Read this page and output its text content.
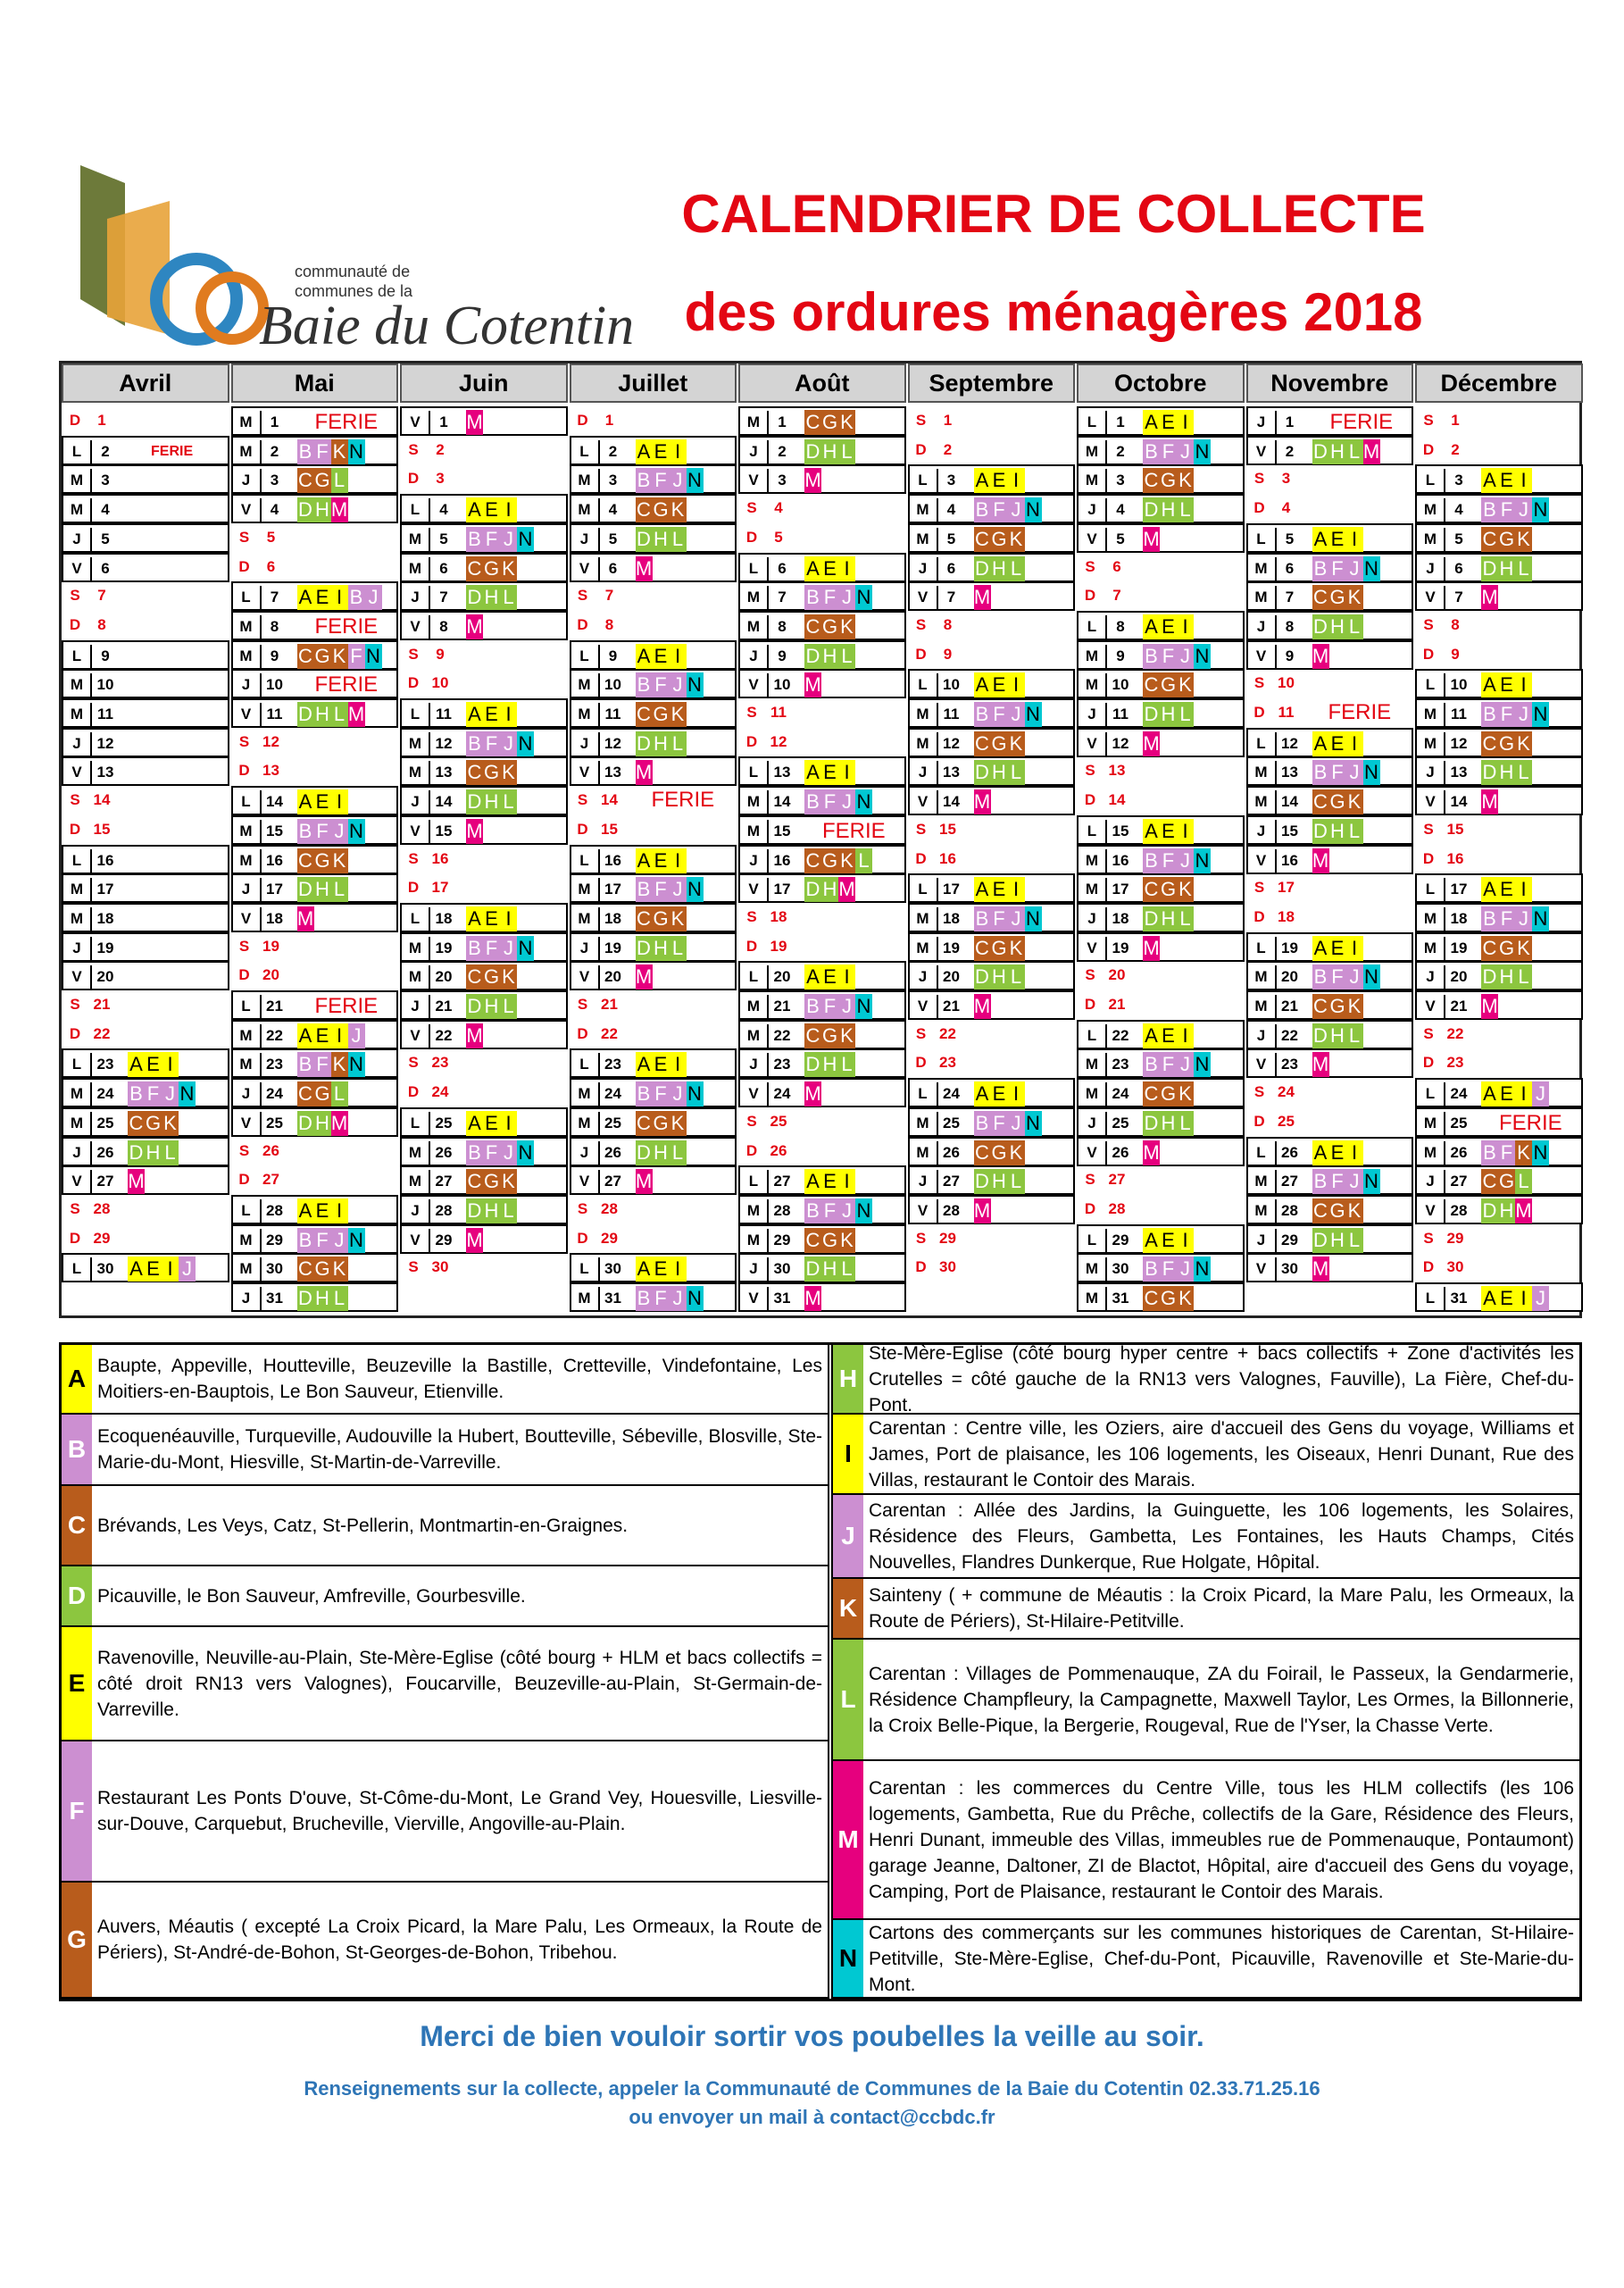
communauté de
communes de la
Baie du Cotentin
CALENDRIER DE COLLECTE
des ordures ménagères 2018
Avril
D	1
L	2	FERIE
M	3
M	4
J	5
V	6
S	7
D	8
L	9
M 10
M 11
J	12
V 13
S 14
D 15
L	16
M 17
M 18
J	19
V 20
S 21
D 22
L	23 A E I
M 24 B F J N
M 25 C G K
J	26 D H L
V 27 M
S 28
D 29
L	30 A E I J
Mai
M	1	FERIE
M	2	B F K N
J	3 C G L
V	4 D H M
S	5
D	6
L	7	A E I B J
M	8	FERIE
M	9 C G K F N
J	10 FERIE
V	11 D H L M
S 12
D 13
L	14 A E I
M 15 B F J N
M 16 C G K
J	17 D H L
V 18 M
S 19
D 20
L	21 FERIE
M 22 A E I J
M 23 B F K N
J	24 C G L
V 25 D H M
S 26
D 27
L	28 A E I
M 29 B F J N
M 30 C G K
J	31 D H L
Juin
V	1 M
S	2
D	3
L	4	A E I
M	5	B F J N
M	6 C G K
J	7 D H L
V	8 M
S	9
D 10
L	11 A E I
M 12 B F J N
M 13 C G K
J	14 D H L
V 15 M
S 16
D 17
L	18 A E I
M 19 B F J N
M 20 C G K
J	21 D H L
V 22 M
S 23
D 24
L	25 A E I
M 26 B F J N
M 27 C G K
J	28 D H L
V 29 M
S 30
Juillet
D	1
L	2	A E I
M	3	B F J N
M	4 C G K
J	5 D H L
V	6 M
S	7
D	8
L	9	A E I
M 10 B F J N
M 11 C G K
J	12 D H L
V 13 M
S 14 FERIE
D 15
L	16 A E I
M 17 B F J N
M 18 C G K
J	19 D H L
V 20 M
S 21
D 22
L	23 A E I
M 24 B F J N
M 25 C G K
J	26 D H L
V 27 M
S 28
D 29
L	30 A E I
M 31 B F J N
Août
M	1 C G K
J	2 D H L
V	3 M
S	4
D	5
L	6	A E I
M	7	B F J N
M	8 C G K
J	9 D H L
V 10 M
S 11
D 12
L	13 A E I
M 14 B F J N
M 15 FERIE
J	16 C G K L
V 17 D H M
S 18
D 19
L	20 A E I
M 21 B F J N
M 22 C G K
J	23 D H L
V 24 M
S 25
D 26
L	27 A E I
M 28 B F J N
M 29 C G K
J	30 D H L
V 31 M
Septembre
S	1
D	2
L	3	A E I
M	4	B F J N
M	5 C G K
J	6 D H L
V	7 M
S	8
D	9
L	10 A E I
M 11 B F J N
M 12 C G K
J	13 D H L
V 14 M
S 15
D 16
L	17 A E I
M 18 B F J N
M 19 C G K
J	20 D H L
V 21 M
S 22
D 23
L	24 A E I
M 25 B F J N
M 26 C G K
J	27 D H L
V 28 M
S 29
D 30
Octobre
L	1	A E I
M	2	B F J N
M	3 C G K
J	4 D H L
V	5 M
S	6
D	7
L	8	A E I
M	9	B F J N
M 10 C G K
J	11 D H L
V 12 M
S 13
D 14
L	15 A E I
M 16 B F J N
M 17 C G K
J	18 D H L
V 19 M
S 20
D 21
L	22 A E I
M 23 B F J N
M 24 C G K
J	25 D H L
V 26 M
S 27
D 28
L	29 A E I
M 30 B F J N
M 31 C G K
Novembre
J	1	FERIE
V	2 D H L M
S	3
D	4
L	5	A E I
M	6	B F J N
M	7 C G K
J	8 D H L
V	9 M
S 10
D 11 FERIE
L	12 A E I
M 13 B F J N
M 14 C G K
J	15 D H L
V 16 M
S 17
D 18
L	19 A E I
M 20 B F J N
M 21 C G K
J	22 D H L
V 23 M
S 24
D 25
L	26 A E I
M 27 B F J N
M 28 C G K
J	29 D H L
V 30 M
Décembre
S	1
D	2
L	3	A E I
M	4	B F J N
M	5 C G K
J	6 D H L
V	7 M
S	8
D	9
L	10 A E I
M 11 B F J N
M 12 C G K
J	13 D H L
V 14 M
S 15
D 16
L	17 A E I
M 18 B F J N
M 19 C G K
J	20 D H L
V 21 M
S 22
D 23
L	24 A E I J
M 25 FERIE
M 26 B F K N
J	27 C G L
V 28 D H M
S 29
D 30
L	31 A E I J
A Baupte, Appeville, Houtteville, Beuzeville la Bastille, Cretteville, Vindefontaine, Les Moitiers-en-Bauptois, Le Bon Sauveur, Etienville.
B Ecoquenéauville, Turqueville, Audouville la Hubert, Boutteville, Sébeville, Blosville, Ste-Marie-du-Mont, Hiesville, St-Martin-de-Varreville.
C Brévands, Les Veys, Catz, St-Pellerin, Montmartin-en-Graignes.
D Picauville, le Bon Sauveur, Amfreville, Gourbesville.
E
Ravenoville, Neuville-au-Plain, Ste-Mère-Eglise (côté bourg + HLM et bacs collectifs = côté droit RN13 vers Valognes), Foucarville, Beuzeville-au-Plain, St-Germain-de-Varreville.
F Restaurant Les Ponts D'ouve, St-Côme-du-Mont, Le Grand Vey, Houesville, Liesville-sur-Douve, Carquebut, Brucheville, Vierville, Angoville-au-Plain.
G Auvers, Méautis ( excepté La Croix Picard, la Mare Palu, Les Ormeaux, la Route de Périers), St-André-de-Bohon, St-Georges-de-Bohon, Tribehou.
H
Ste-Mère-Eglise (côté bourg hyper centre + bacs collectifs + Zone d'activités les Crutelles = côté gauche de la RN13 vers Valognes, Fauville), La Fière, Chef-du-Pont.
I
Carentan : Centre ville, les Oziers, aire d'accueil des Gens du voyage, Williams et James, Port de plaisance, les 106 logements, les Oiseaux, Henri Dunant, Rue des Villas, restaurant le Contoir des Marais.
J
Carentan : Allée des Jardins, la Guinguette, les 106 logements, les Solaires, Résidence des Fleurs, Gambetta, Les Fontaines, les Hauts Champs, Cités Nouvelles, Flandres Dunkerque, Rue Holgate, Hôpital.
K Sainteny ( + commune de Méautis : la Croix Picard, la Mare Palu, les Ormeaux, la Route de Périers), St-Hilaire-Petitville.
L
Carentan : Villages de Pommenauque, ZA du Foirail, le Passeux, la Gendarmerie, Résidence Champfleury, la Campagnette, Maxwell Taylor, Les Ormes, la Billonnerie, la Croix Belle-Pique, la Bergerie, Rougeval, Rue de l'Yser, la Chasse Verte.
M
Carentan : les commerces du Centre Ville, tous les HLM collectifs (les 106 logements, Gambetta, Rue du Prêche, collectifs de la Gare, Résidence des Fleurs, Henri Dunant, immeuble des Villas, immeubles rue de Pommenauque, Pontaumont) garage Jeanne, Daltoner, ZI de Blactot, Hôpital, aire d'accueil des Gens du voyage, Camping, Port de Plaisance, restaurant le Contoir des Marais.
N
Cartons des commerçants sur les communes historiques de Carentan, St-Hilaire-Petitville, Ste-Mère-Eglise, Chef-du-Pont, Picauville, Ravenoville et Ste-Marie-du-Mont.
Merci de bien vouloir sortir vos poubelles la veille au soir.
Renseignements sur la collecte, appeler la Communauté de Communes de la Baie du Cotentin 02.33.71.25.16
ou envoyer un mail à contact@ccbdc.fr
